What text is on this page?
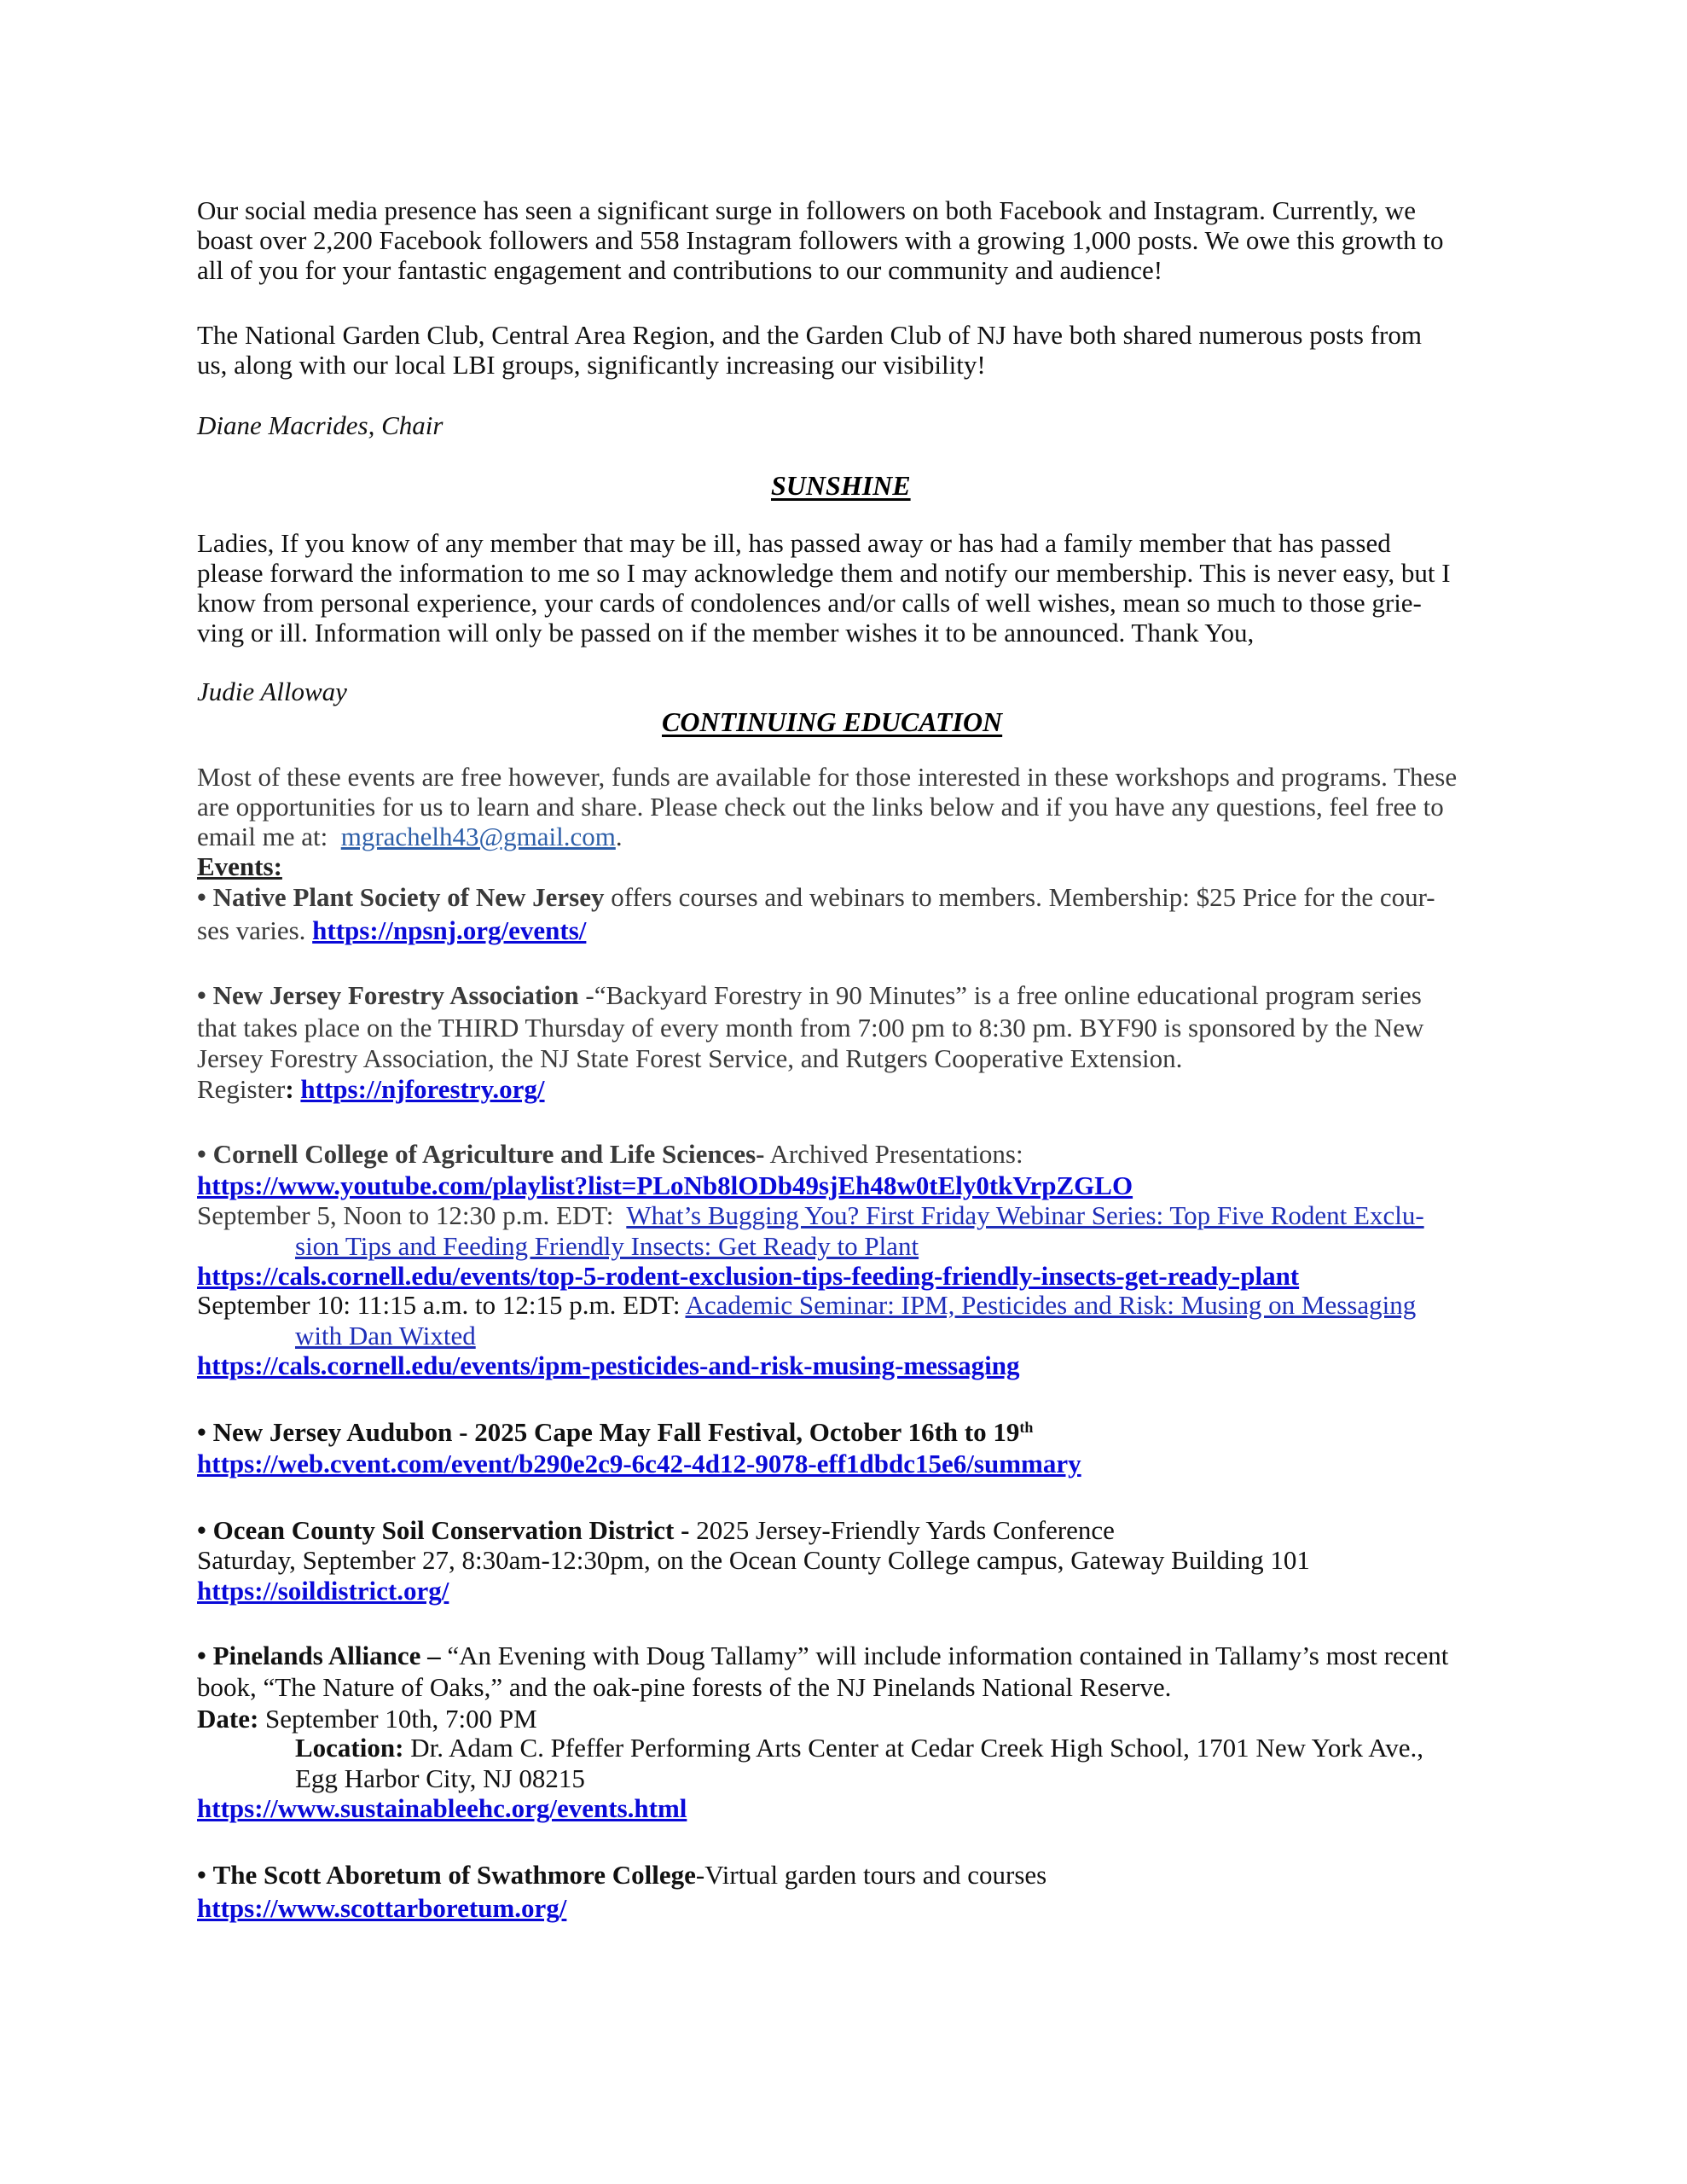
Our social media presence has seen a significant surge in followers on both Facebook and Instagram. Currently, we
boast over 2,200 Facebook followers and 558 Instagram followers with a growing 1,000 posts. We owe this growth to
all of you for your fantastic engagement and contributions to our community and audience!
The National Garden Club, Central Area Region, and the Garden Club of NJ have both shared numerous posts from
us, along with our local LBI groups, significantly increasing our visibility!
Diane Macrides, Chair
SUNSHINE
Ladies, If you know of any member that may be ill, has passed away or has had a family member that has passed
please forward the information to me so I may acknowledge them and notify our membership. This is never easy, but I
know from personal experience, your cards of condolences and/or calls of well wishes, mean so much to those grie-
ving or ill. Information will only be passed on if the member wishes it to be announced. Thank You,
Judie Alloway
CONTINUING EDUCATION
Most of these events are free however, funds are available for those interested in these workshops and programs. These
are opportunities for us to learn and share. Please check out the links below and if you have any questions, feel free to
email me at:  mgrachelh43@gmail.com.
Events:
• Native Plant Society of New Jersey offers courses and webinars to members. Membership: $25 Price for the cour-
ses varies. https://npsnj.org/events/
• New Jersey Forestry Association -“Backyard Forestry in 90 Minutes” is a free online educational program series
that takes place on the THIRD Thursday of every month from 7:00 pm to 8:30 pm. BYF90 is sponsored by the New
Jersey Forestry Association, the NJ State Forest Service, and Rutgers Cooperative Extension.
Register: https://njforestry.org/
• Cornell College of Agriculture and Life Sciences- Archived Presentations:
https://www.youtube.com/playlist?list=PLoNb8lODb49sjEh48w0tEly0tkVrpZGLO
September 5, Noon to 12:30 p.m. EDT:  What’s Bugging You? First Friday Webinar Series: Top Five Rodent Exclu-
sion Tips and Feeding Friendly Insects: Get Ready to Plant
https://cals.cornell.edu/events/top-5-rodent-exclusion-tips-feeding-friendly-insects-get-ready-plant
September 10: 11:15 a.m. to 12:15 p.m. EDT: Academic Seminar: IPM, Pesticides and Risk: Musing on Messaging
with Dan Wixted
https://cals.cornell.edu/events/ipm-pesticides-and-risk-musing-messaging
• New Jersey Audubon - 2025 Cape May Fall Festival, October 16th to 19th
https://web.cvent.com/event/b290e2c9-6c42-4d12-9078-eff1dbdc15e6/summary
• Ocean County Soil Conservation District - 2025 Jersey-Friendly Yards Conference
Saturday, September 27, 8:30am-12:30pm, on the Ocean County College campus, Gateway Building 101
https://soildistrict.org/
• Pinelands Alliance – “An Evening with Doug Tallamy” will include information contained in Tallamy’s most recent
book, “The Nature of Oaks,” and the oak-pine forests of the NJ Pinelands National Reserve.
Date: September 10th, 7:00 PM
Location: Dr. Adam C. Pfeffer Performing Arts Center at Cedar Creek High School, 1701 New York Ave.,
Egg Harbor City, NJ 08215
https://www.sustainableehc.org/events.html
• The Scott Aboretum of Swathmore College-Virtual garden tours and courses
https://www.scottarboretum.org/
